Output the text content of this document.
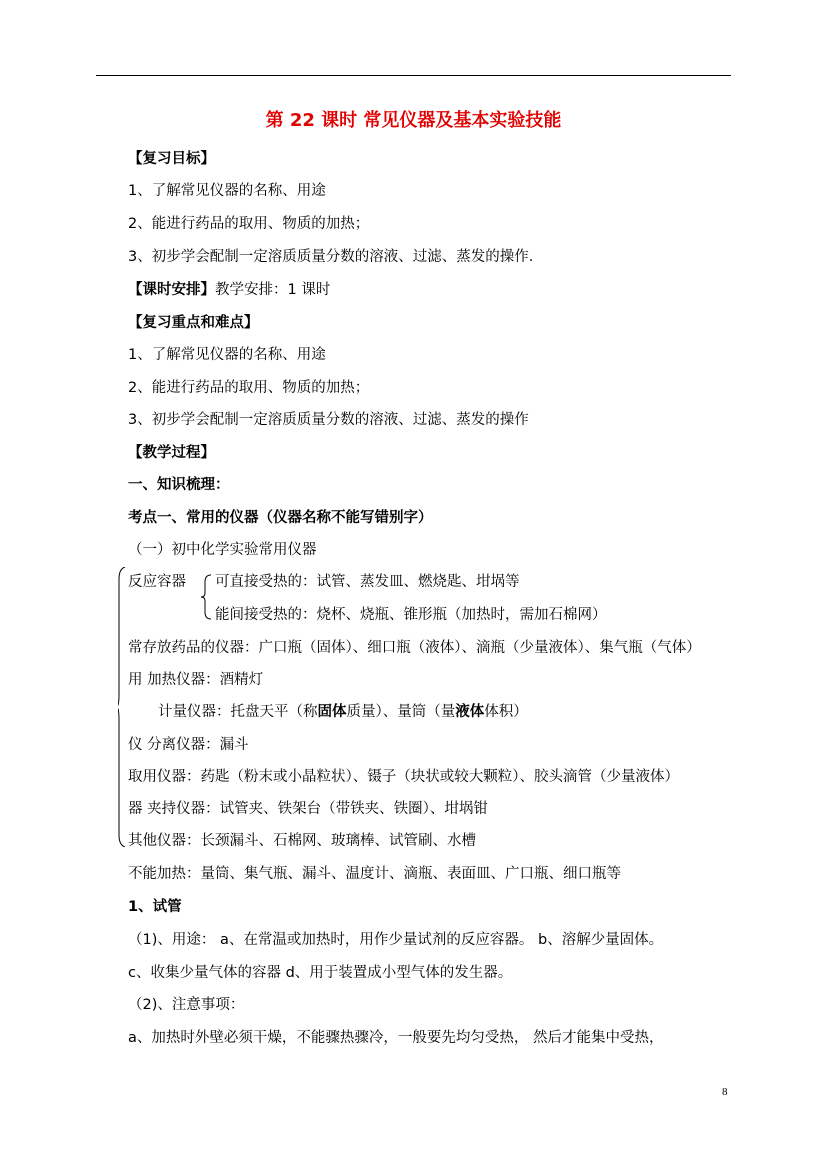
第 22 课时 常见仪器及基本实验技能
【复习目标】
1、了解常见仪器的名称、用途
2、能进行药品的取用、物质的加热；
3、初步学会配制一定溶质质量分数的溶液、过滤、蒸发的操作.
【课时安排】教学安排：1 课时
【复习重点和难点】
1、了解常见仪器的名称、用途
2、能进行药品的取用、物质的加热；
3、初步学会配制一定溶质质量分数的溶液、过滤、蒸发的操作
【教学过程】
一、知识梳理：
考点一、常用的仪器（仪器名称不能写错别字）
（一）初中化学实验常用仪器
反应容器 可直接受热的：试管、蒸发皿、燃烧匙、坩埚等
能间接受热的：烧杯、烧瓶、锥形瓶（加热时，需加石棉网）
常存放药品的仪器：广口瓶（固体）、细口瓶（液体）、滴瓶（少量液体）、集气瓶（气体）
用 加热仪器：酒精灯
计量仪器：托盘天平（称固体质量）、量筒（量液体体积）
仪 分离仪器：漏斗
取用仪器：药匙（粉末或小晶粒状）、镊子（块状或较大颗粒）、胶头滴管（少量液体）
器 夹持仪器：试管夹、铁架台（带铁夹、铁圈）、坩埚钳
其他仪器：长颈漏斗、石棉网、玻璃棒、试管刷、水槽
不能加热：量筒、集气瓶、漏斗、温度计、滴瓶、表面皿、广口瓶、细口瓶等
1、试管
（1)、用途： a、在常温或加热时，用作少量试剂的反应容器。 b、溶解少量固体。
c、收集少量气体的容器 d、用于装置成小型气体的发生器。
（2)、注意事项：
a、加热时外壁必须干燥，不能骤热骤冷，一般要先均匀受热， 然后才能集中受热，
8
